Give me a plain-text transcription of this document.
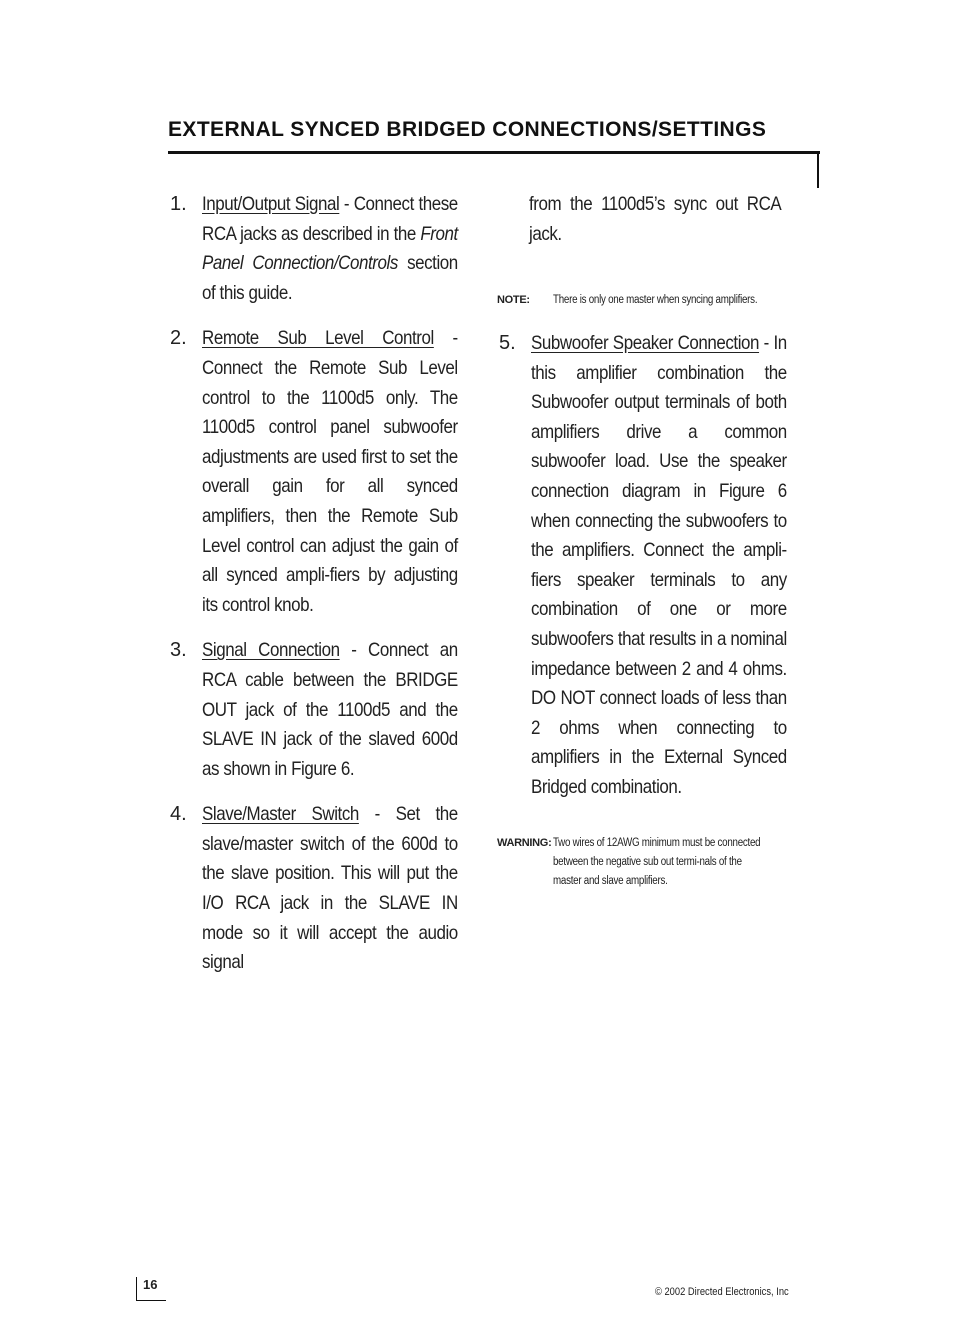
EXTERNAL SYNCED BRIDGED CONNECTIONS/SETTINGS
1. Input/Output Signal - Connect these RCA jacks as described in the Front Panel Connection/Controls section of this guide.
2. Remote Sub Level Control - Connect the Remote Sub Level control to the 1100d5 only. The 1100d5 control panel subwoofer adjustments are used first to set the overall gain for all synced amplifiers, then the Remote Sub Level control can adjust the gain of all synced ampli-fiers by adjusting its control knob.
3. Signal Connection - Connect an RCA cable between the BRIDGE OUT jack of the 1100d5 and the SLAVE IN jack of the slaved 600d as shown in Figure 6.
4. Slave/Master Switch - Set the slave/master switch of the 600d to the slave position. This will put the I/O RCA jack in the SLAVE IN mode so it will accept the audio signal
from the 1100d5’s sync out RCA jack.
NOTE: There is only one master when syncing amplifiers.
5. Subwoofer Speaker Connection - In this amplifier combination the Subwoofer output terminals of both amplifiers drive a common subwoofer load. Use the speaker connection diagram in Figure 6 when connecting the subwoofers to the amplifiers. Connect the ampli-fiers speaker terminals to any combination of one or more subwoofers that results in a nominal impedance between 2 and 4 ohms. DO NOT connect loads of less than 2 ohms when connecting to amplifiers in the External Synced Bridged combination.
WARNING: Two wires of 12AWG minimum must be connected between the negative sub out termi-nals of the master and slave amplifiers.
16	© 2002 Directed Electronics, Inc
